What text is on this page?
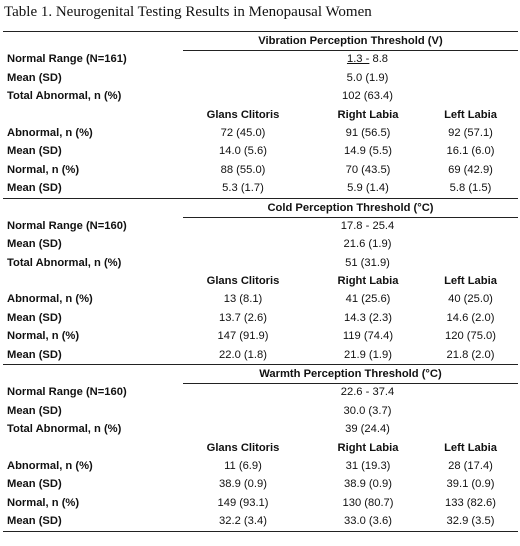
Table 1. Neurogenital Testing Results in Menopausal Women
Vibration Perception Threshold (V)
Normal Range (N=161)	1.3 - 8.8
Mean (SD)	5.0 (1.9)
Total Abnormal, n (%)	102 (63.4)
Glans Clitoris	Right Labia	Left Labia
Abnormal, n (%)	72 (45.0)	91 (56.5)	92 (57.1)
Mean (SD)	14.0 (5.6)	14.9 (5.5)	16.1 (6.0)
Normal, n (%)	88 (55.0)	70 (43.5)	69 (42.9)
Mean (SD)	5.3 (1.7)	5.9 (1.4)	5.8 (1.5)
Cold Perception Threshold (°C)
Normal Range (N=160)	17.8 - 25.4
Mean (SD)	21.6 (1.9)
Total Abnormal, n (%)	51 (31.9)
Glans Clitoris	Right Labia	Left Labia
Abnormal, n (%)	13 (8.1)	41 (25.6)	40 (25.0)
Mean (SD)	13.7 (2.6)	14.3 (2.3)	14.6 (2.0)
Normal, n (%)	147 (91.9)	119 (74.4)	120 (75.0)
Mean (SD)	22.0 (1.8)	21.9 (1.9)	21.8 (2.0)
Warmth Perception Threshold (°C)
Normal Range (N=160)	22.6 - 37.4
Mean (SD)	30.0 (3.7)
Total Abnormal, n (%)	39 (24.4)
Glans Clitoris	Right Labia	Left Labia
Abnormal, n (%)	11 (6.9)	31 (19.3)	28 (17.4)
Mean (SD)	38.9 (0.9)	38.9 (0.9)	39.1 (0.9)
Normal, n (%)	149 (93.1)	130 (80.7)	133 (82.6)
Mean (SD)	32.2 (3.4)	33.0 (3.6)	32.9 (3.5)
